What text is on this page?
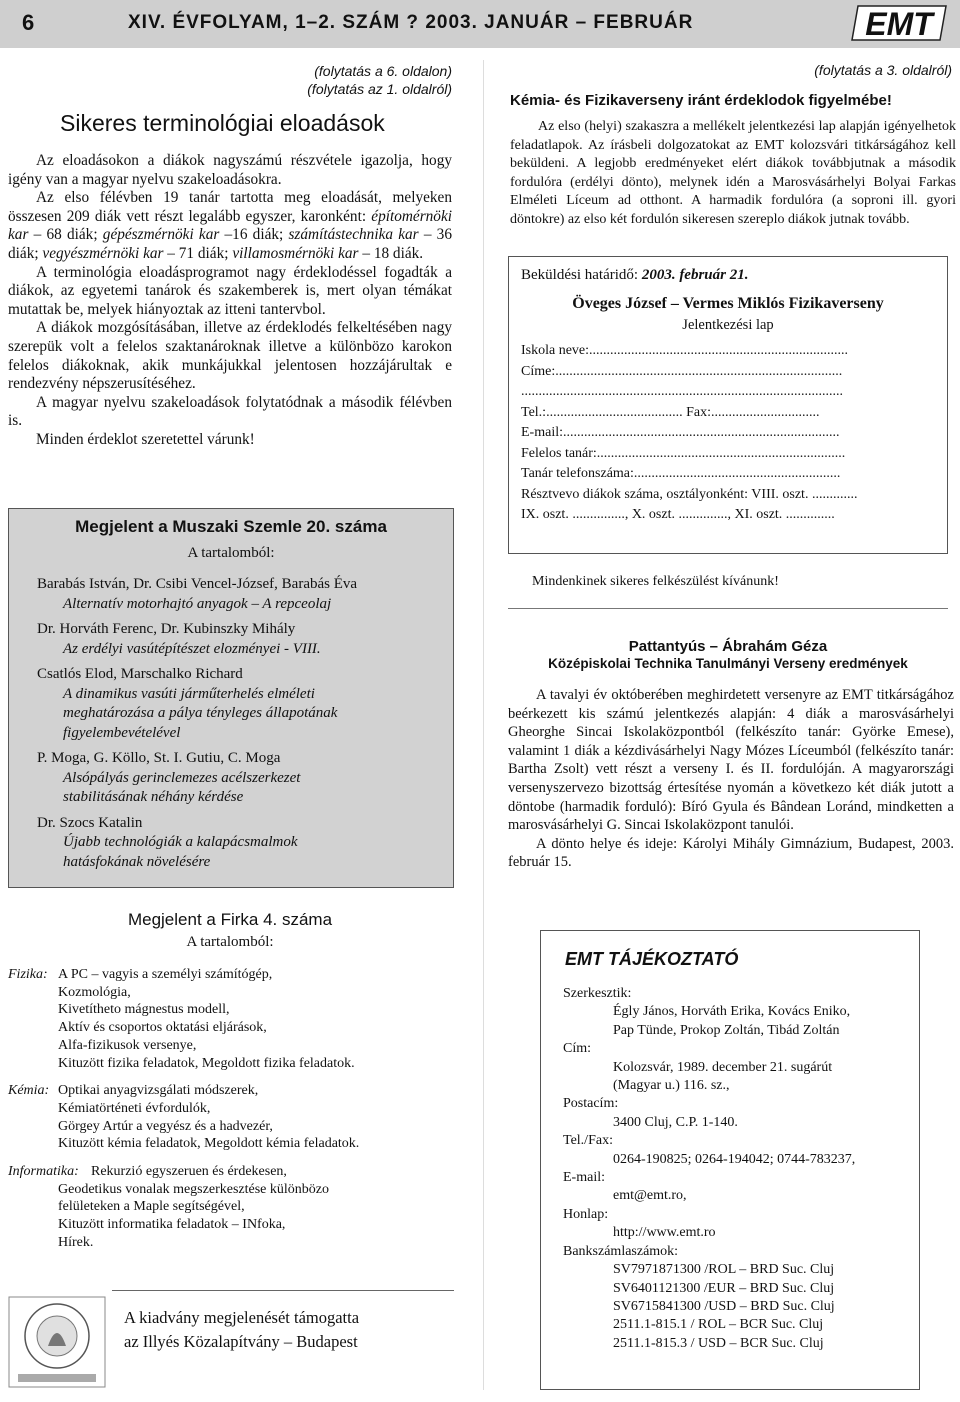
6	XIV. ÉVFOLYAM, 1–2. SZÁM ? 2003. JANUÁR – FEBRUÁR	EMT
(folytatás a 6. oldalon)
(folytatás az 1. oldalról)
Sikeres terminológiai eloadások

Az eloadásokon a diákok nagyszámú részvétele igazolja, hogy igény van a magyar nyelvu szakeloadásokra.

Az elso félévben 19 tanár tartotta meg eloadását, melyeken összesen 209 diák vett részt legalább egyszer, karonként: építomérnöki kar – 68 diák; gépészmérnöki kar –16 diák; számítástechnika kar – 36 diák; vegyészmérnöki kar – 71 diák; villamosmérnöki kar – 18 diák.

A terminológia eloadásprogramot nagy érdeklodéssel fogadták a diákok, az egyetemi tanárok és szakemberek is, mert olyan témákat mutattak be, melyek hiányoztak az itteni tantervbol.

A diákok mozgósításában, illetve az érdeklodés felkeltésében nagy szerepük volt a felelos szaktanároknak illetve a különbözo karokon felelos diákoknak, akik munkájukkal jelentosen hozzájárultak e rendezvény népszerusítéséhez.

A magyar nyelvu szakeloadások folytatódnak a második félévben is.

Minden érdeklot szeretettel várunk!

Megjelent a Muszaki Szemle 20. száma
A tartalomból:
Barabás István, Dr. Csibi Vencel-József, Barabás Éva
Alternatív motorhajtó anyagok – A repceolaj
Dr. Horváth Ferenc, Dr. Kubinszky Mihály
Az erdélyi vasútépítészet elozményei - VIII.
Csatlós Elod, Marschalko Richard
A dinamikus vasúti járműterhelés elméleti meghatározása a pálya tényleges állapotának
figyelembevételével
P. Moga, G. Köllo, St. I. Gutiu, C. Moga
Alsópályás gerinclemezes acélszerkezet
stabilitásának néhány kérdése
Dr. Szocs Katalin
Újabb technológiák a kalapácsmalmok
hatásfokának növelésére
Megjelent a Firka 4. száma
A tartalomból:
Fizika: A PC – vagyis a személyi számítógép,
Kozmológia,
Kivetítheto mágnestus modell,
Aktív és csoportos oktatási eljárások,
Alfa-fizikusok versenye,
Kituzött fizika feladatok, Megoldott fizika feladatok.
Kémia: Optikai anyagvizsgálati módszerek,
Kémiatörténeti évfordulók,
Görgey Artúr a vegyész és a hadvezér,
Kituzött kémia feladatok, Megoldott kémia feladatok.
Informatika: Rekurzió egyszeruen és érdekesen,
Geodetikus vonalak megszerkesztése különbözo
felületeken a Maple segítségével,
Kituzött informatika feladatok – INfoka,
Hírek.
A kiadvány megjelenését támogatta
az Illyés Közalapítvány – Budapest
(folytatás a 3. oldalról)
Kémia- és Fizikaverseny iránt érdeklodok figyelmébe!
Az elso (helyi) szakaszra a mellékelt jelentkezési lap alapján igényelhetok feladatlapok. Az írásbeli dolgozatokat az EMT kolozsvári titkárságához kell beküldeni. A legjobb eredményeket elért diákok továbbjutnak a második fordulóra (erdélyi dönto), melynek idén a Marosvásárhelyi Bolyai Farkas Elméleti Líceum ad otthont. A harmadik fordulóra (a soproni ill. gyori döntokre) az elso két fordulón sikeresen szereplo diákok jutnak tovább.
Beküldési határidő: 2003. február 21.
Öveges József – Vermes Miklós Fizikaverseny
Jelentkezési lap
Iskola neve:..........................................................................
Címe:..................................................................................
............................................................................................
Tel.:....................................... Fax:...............................
E-mail:...............................................................................
Felelos tanár:.......................................................................
Tanár telefonszáma:...........................................................
Résztvevo diákok száma, osztályonként: VIII. oszt. .............
IX. oszt. ..............., X. oszt. .............., XI. oszt. ..............
Mindenkinek sikeres felkészülést kívánunk!
Pattantyús – Ábrahám Géza
Középiskolai Technika Tanulmányi Verseny eredmények

A tavalyi év októberében meghirdetett versenyre az EMT titkárságához beérkezett kis számú jelentkezés alapján: 4 diák a marosvásárhelyi Gheorghe Sincai Iskolaközpontból (felkészíto tanár: Györke Emese), valamint 1 diák a kézdivásárhelyi Nagy Mózes Líceumból (felkészíto tanár: Bartha Zsolt) vett részt a verseny I. és II. fordulóján. A magyarországi versenyszervezo bizottság értesítése nyomán a következo két diák jutott a döntobe (harmadik forduló): Bíró Gyula és Bândean Loránd, mindketten a marosvásárhelyi G. Sincai Iskolaközpont tanulói.

A dönto helye és ideje: Károlyi Mihály Gimnázium, Budapest, 2003. február 15.

EMT TÁJÉKOZTATÓ
Szerkesztik:
Égly János, Horváth Erika, Kovács Eniko,
Pap Tünde, Prokop Zoltán, Tibád Zoltán
Cím:
Kolozsvár, 1989. december 21. sugárút
(Magyar u.) 116. sz.,
Postacím:
3400 Cluj, C.P. 1-140.
Tel./Fax:
0264-190825; 0264-194042; 0744-783237,
E-mail:
emt@emt.ro,
Honlap:
http://www.emt.ro
Bankszámlaszámok:
SV7971871300 /ROL – BRD Suc. Cluj
SV6401121300 /EUR – BRD Suc. Cluj
SV6715841300 /USD – BRD Suc. Cluj
2511.1-815.1 / ROL – BCR Suc. Cluj
2511.1-815.3 / USD – BCR Suc. Cluj
